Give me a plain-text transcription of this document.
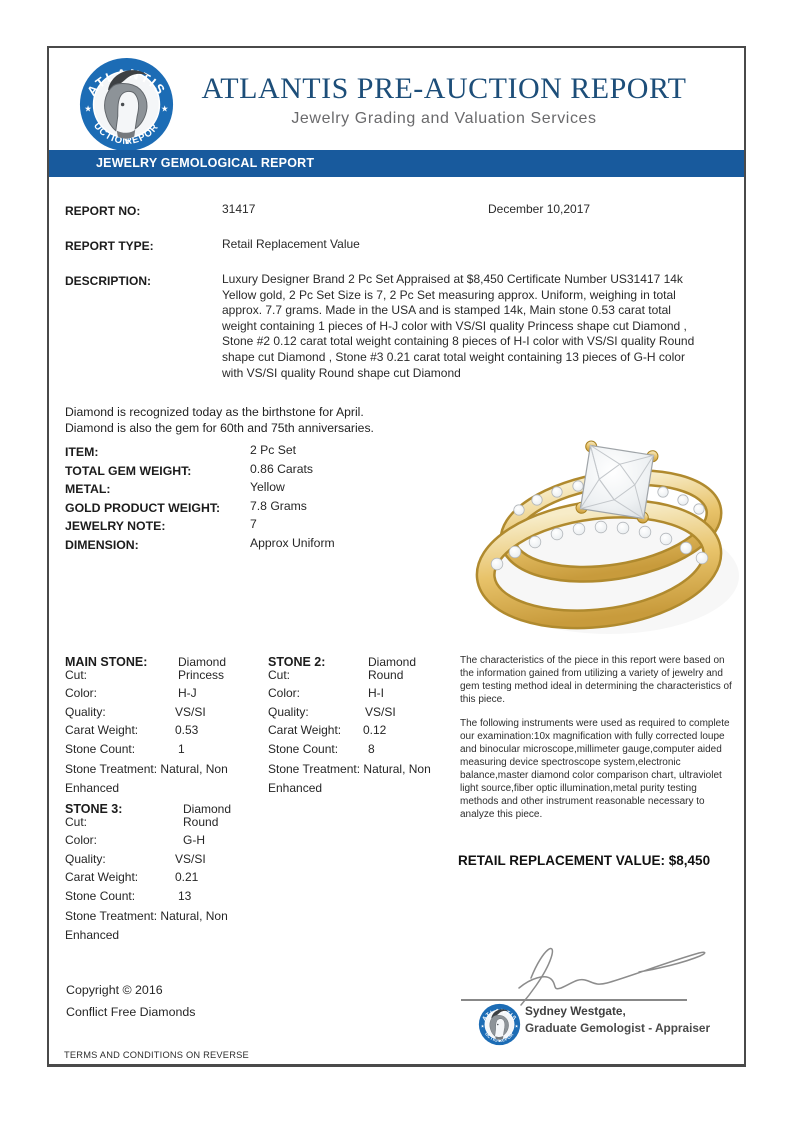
ATLANTIS PRE-AUCTION REPORT
Jewelry Grading and Valuation Services
JEWELRY GEMOLOGICAL REPORT
REPORT NO:	31417	December 10,2017
REPORT TYPE:	Retail Replacement Value
DESCRIPTION:	Luxury Designer Brand 2 Pc Set Appraised at $8,450 Certificate Number US31417 14k Yellow gold, 2 Pc Set Size is 7, 2 Pc Set measuring approx. Uniform, weighing in total approx. 7.7 grams. Made in the USA and is stamped 14k, Main stone 0.53 carat total weight containing 1 pieces of H-J color with VS/SI quality Princess shape cut Diamond , Stone #2 0.12 carat total weight containing 8 pieces of H-I color with VS/SI quality Round shape cut Diamond , Stone #3 0.21 carat total weight containing 13 pieces of G-H color with VS/SI quality Round shape cut Diamond
Diamond is recognized today as the birthstone for April.
Diamond is also the gem for 60th and 75th anniversaries.
ITEM:	2 Pc Set
TOTAL GEM WEIGHT:	0.86 Carats
METAL:	Yellow
GOLD PRODUCT WEIGHT: 7.8 Grams
JEWELRY NOTE:	7
DIMENSION:	Approx Uniform
MAIN STONE:	Diamond
Cut:	Princess
Color:	H-J
Quality:	VS/SI
Carat Weight:	0.53
Stone Count:	1

Stone Treatment: Natural, Non Enhanced

STONE 2:	Diamond
Cut:	Round
Color:	H-I
Quality:	VS/SI
Carat Weight: 0.12
Stone Count: 8

Stone Treatment: Natural, Non Enhanced

STONE 3:	Diamond
Cut:	Round
Color:	G-H
Quality:	VS/SI
Carat Weight:	0.21
Stone Count:	13

Stone Treatment: Natural, Non Enhanced

The characteristics of the piece in this report were based on the information gained from utilizing a variety of jewelry and gem testing method ideal in determining the characteristics of this piece.

The following instruments were used as required to complete our examination:10x magnification with fully corrected loupe and binocular microscope,millimeter gauge,computer aided measuring device spectroscope system,electronic balance,master diamond color comparison chart, ultraviolet light source,fiber optic illumination,metal purity testing methods and other instrument reasonable necessary to analyze this piece.

RETAIL REPLACEMENT VALUE: $8,450
Sydney Westgate,
Graduate Gemologist - Appraiser
Copyright © 2016
Conflict Free Diamonds
TERMS AND CONDITIONS ON REVERSE
